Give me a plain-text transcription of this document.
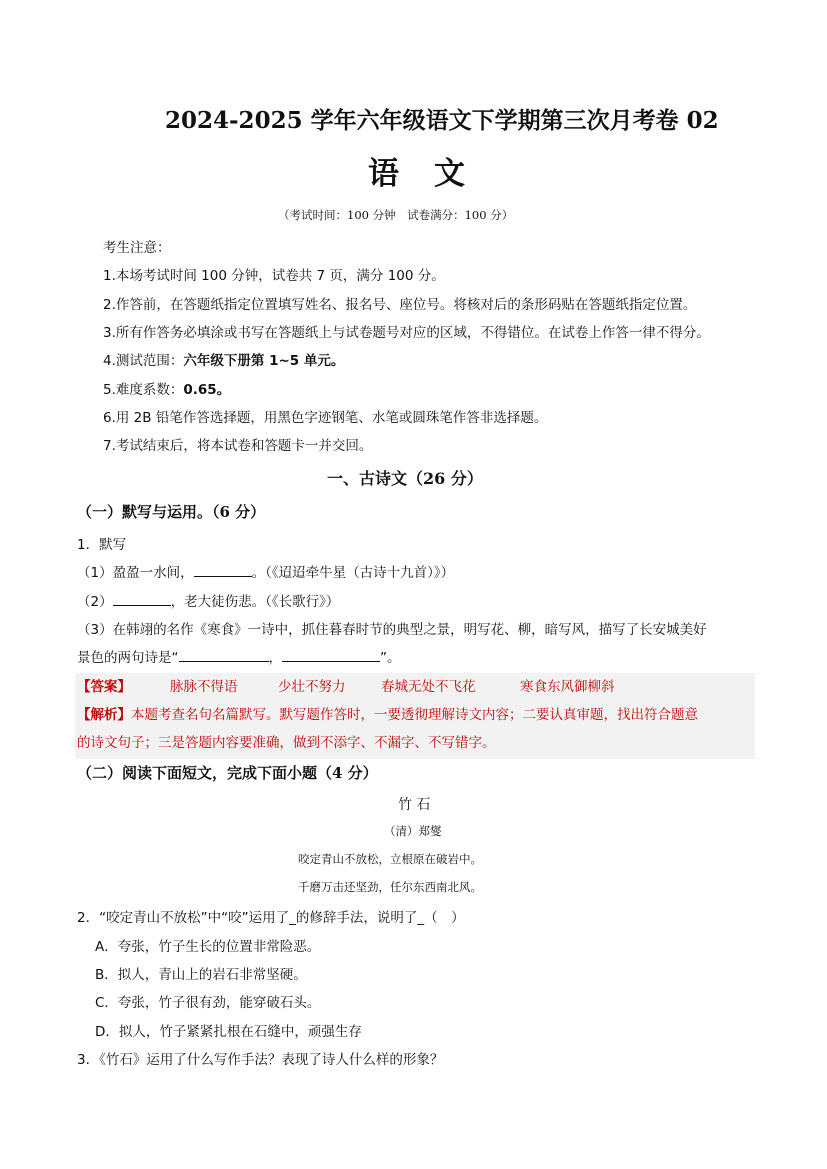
2024-2025 学年六年级语文下学期第三次月考卷 02
语　文
（考试时间：100 分钟　试卷满分：100 分）
考生注意：
1.本场考试时间 100 分钟，试卷共 7 页，满分 100 分。
2.作答前，在答题纸指定位置填写姓名、报名号、座位号。将核对后的条形码贴在答题纸指定位置。
3.所有作答务必填涂或书写在答题纸上与试卷题号对应的区域，不得错位。在试卷上作答一律不得分。
4.测试范围：六年级下册第 1~5 单元。
5.难度系数：0.65。
6.用 2B 铅笔作答选择题，用黑色字迹钢笔、水笔或圆珠笔作答非选择题。
7.考试结束后，将本试卷和答题卡一并交回。
一、古诗文（26 分）
（一）默写与运用。（6 分）
1．默写
（1）盈盈一水间，	。（《迢迢牵牛星（古诗十九首）》）
（2）	，老大徒伤悲。（《长歌行》）
（3）在韩翊的名作《寒食》一诗中，抓住暮春时节的典型之景，明写花、柳，暗写风，描写了长安城美好
景色的两句诗是“	，	”。
【答案】	脉脉不得语	少壮不努力	春城无处不飞花	寒食东风御柳斜
【解析】本题考查名句名篇默写。默写题作答时，一要透彻理解诗文内容；二要认真审题，找出符合题意
的诗文句子；三是答题内容要准确，做到不添字、不漏字、不写错字。
（二）阅读下面短文，完成下面小题（4 分）
竹 石
（清）郑燮
咬定青山不放松，立根原在破岩中。
千磨万击还坚劲，任尔东西南北风。
2．“咬定青山不放松”中“咬”运用了_的修辞手法，说明了_（　）
A．夸张，竹子生长的位置非常险恶。
B．拟人，青山上的岩石非常坚硬。
C．夸张，竹子很有劲，能穿破石头。
D．拟人，竹子紧紧扎根在石缝中，顽强生存
3．《竹石》运用了什么写作手法？表现了诗人什么样的形象？
